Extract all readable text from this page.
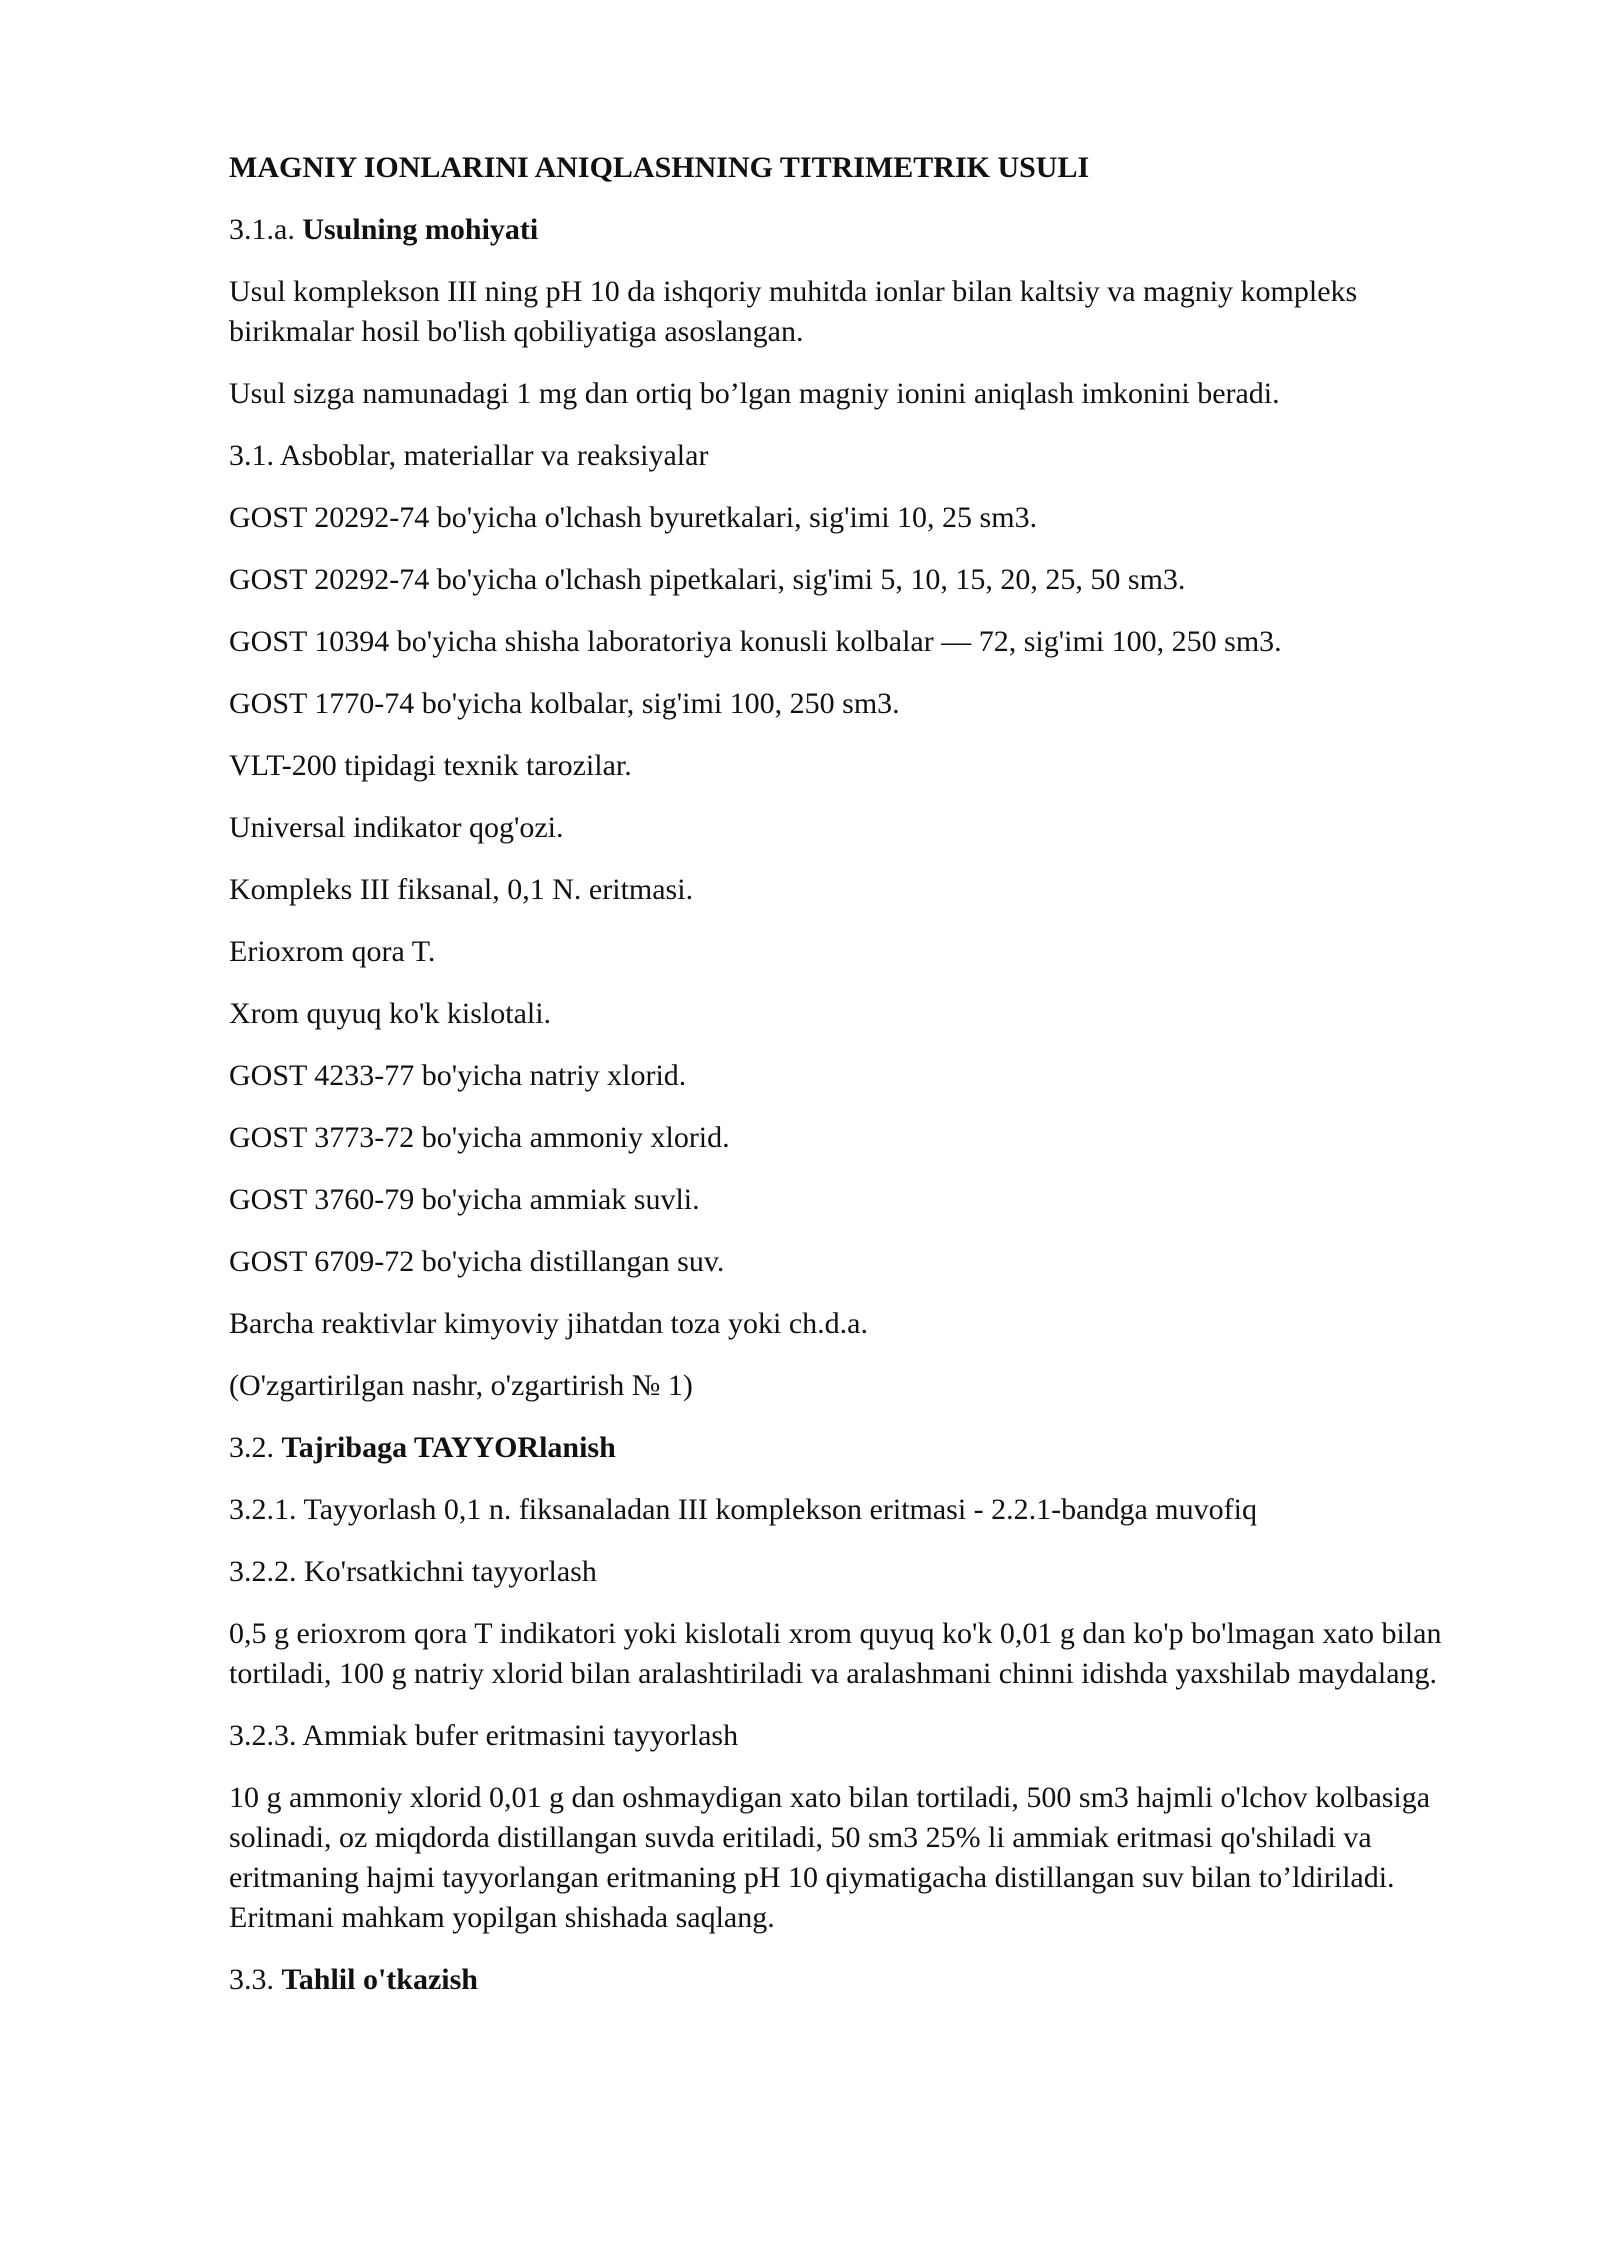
MAGNIY IONLARINI ANIQLASHNING TITRIMETRIK USULI

3.1.a. Usulning mohiyati

Usul komplekson III ning pH 10 da ishqoriy muhitda ionlar bilan kaltsiy va magniy kompleks birikmalar hosil bo'lish qobiliyatiga asoslangan.

Usul sizga namunadagi 1 mg dan ortiq bo’lgan magniy ionini aniqlash imkonini beradi.

3.1. Asboblar, materiallar va reaksiyalar

GOST 20292-74 bo'yicha o'lchash byuretkalari, sig'imi 10, 25 sm3.

GOST 20292-74 bo'yicha o'lchash pipetkalari, sig'imi 5, 10, 15, 20, 25, 50 sm3.

GOST 10394 bo'yicha shisha laboratoriya konusli kolbalar — 72, sig'imi 100, 250 sm3.

GOST 1770-74 bo'yicha kolbalar, sig'imi 100, 250 sm3.

VLT-200 tipidagi texnik tarozilar.

Universal indikator qog'ozi.

Kompleks III fiksanal, 0,1 N. eritmasi.

Erioxrom qora T.

Xrom quyuq ko'k kislotali.

GOST 4233-77 bo'yicha natriy xlorid.

GOST 3773-72 bo'yicha ammoniy xlorid.

GOST 3760-79 bo'yicha ammiak suvli.

GOST 6709-72 bo'yicha distillangan suv.

Barcha reaktivlar kimyoviy jihatdan toza yoki ch.d.a.

(O'zgartirilgan nashr, o'zgartirish № 1)

3.2. Tajribaga TAYYORlanish

3.2.1. Tayyorlash 0,1 n. fiksanaladan III komplekson eritmasi - 2.2.1-bandga muvofiq

3.2.2. Ko'rsatkichni tayyorlash

0,5 g erioxrom qora T indikatori yoki kislotali xrom quyuq ko'k 0,01 g dan ko'p bo'lmagan xato bilan tortiladi, 100 g natriy xlorid bilan aralashtiriladi va aralashmani chinni idishda yaxshilab maydalang.

3.2.3. Ammiak bufer eritmasini tayyorlash

10 g ammoniy xlorid 0,01 g dan oshmaydigan xato bilan tortiladi, 500 sm3 hajmli o'lchov kolbasiga solinadi, oz miqdorda distillangan suvda eritiladi, 50 sm3 25% li ammiak eritmasi qo'shiladi va eritmaning hajmi tayyorlangan eritmaning pH 10 qiymatigacha distillangan suv bilan to’ldiriladi. Eritmani mahkam yopilgan shishada saqlang.

3.3. Tahlil o'tkazish
